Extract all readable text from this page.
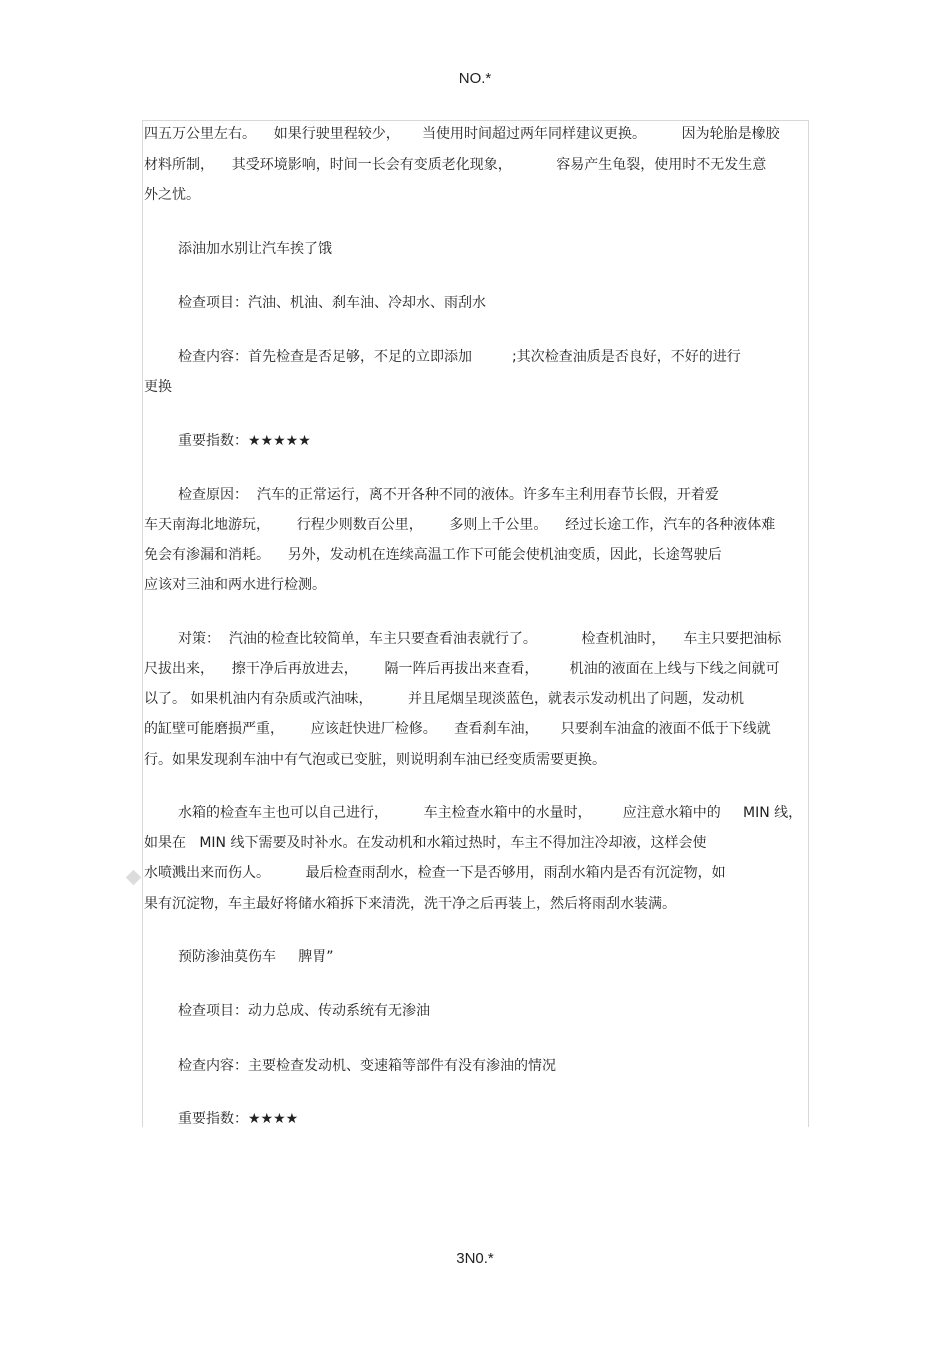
NO.*
四五万公里左右。    如果行驶里程较少，     当使用时间超过两年同样建议更换。        因为轮胎是橡胶
材料所制，    其受环境影响，时间一长会有变质老化现象，          容易产生龟裂，使用时不无发生意
外之忧。
添油加水别让汽车挨了饿
检查项目：汽油、机油、刹车油、冷却水、雨刮水
检查内容：首先检查是否足够，不足的立即添加         ;其次检查油质是否良好，不好的进行
更换
重要指数：★★★★★
检查原因：  汽车的正常运行，离不开各种不同的液体。许多车主利用春节长假，开着爱
车天南海北地游玩，      行程少则数百公里，      多则上千公里。    经过长途工作，汽车的各种液体难
免会有渗漏和消耗。    另外，发动机在连续高温工作下可能会使机油变质，因此，长途驾驶后
应该对三油和两水进行检测。
对策：  汽油的检查比较简单，车主只要查看油表就行了。          检查机油时，    车主只要把油标
尺拔出来，    擦干净后再放进去，      隔一阵后再拔出来查看，       机油的液面在上线与下线之间就可
以了。 如果机油内有杂质或汽油味，        并且尾烟呈现淡蓝色，就表示发动机出了问题，发动机
的缸壁可能磨损严重，      应该赶快进厂检修。    查看刹车油，     只要刹车油盒的液面不低于下线就
行。如果发现刹车油中有气泡或已变脏，则说明刹车油已经变质需要更换。
水箱的检查车主也可以自己进行，        车主检查水箱中的水量时，       应注意水箱中的     MIN 线，
如果在   MIN 线下需要及时补水。在发动机和水箱过热时，车主不得加注冷却液，这样会使
水喷溅出来而伤人。        最后检查雨刮水，检查一下是否够用，雨刮水箱内是否有沉淀物，如
果有沉淀物，车主最好将储水箱拆下来清洗，洗干净之后再装上，然后将雨刮水装满。
预防渗油莫伤车     脾胃”
检查项目：动力总成、传动系统有无渗油
检查内容：主要检查发动机、变速箱等部件有没有渗油的情况
重要指数：★★★★
3N0.*
